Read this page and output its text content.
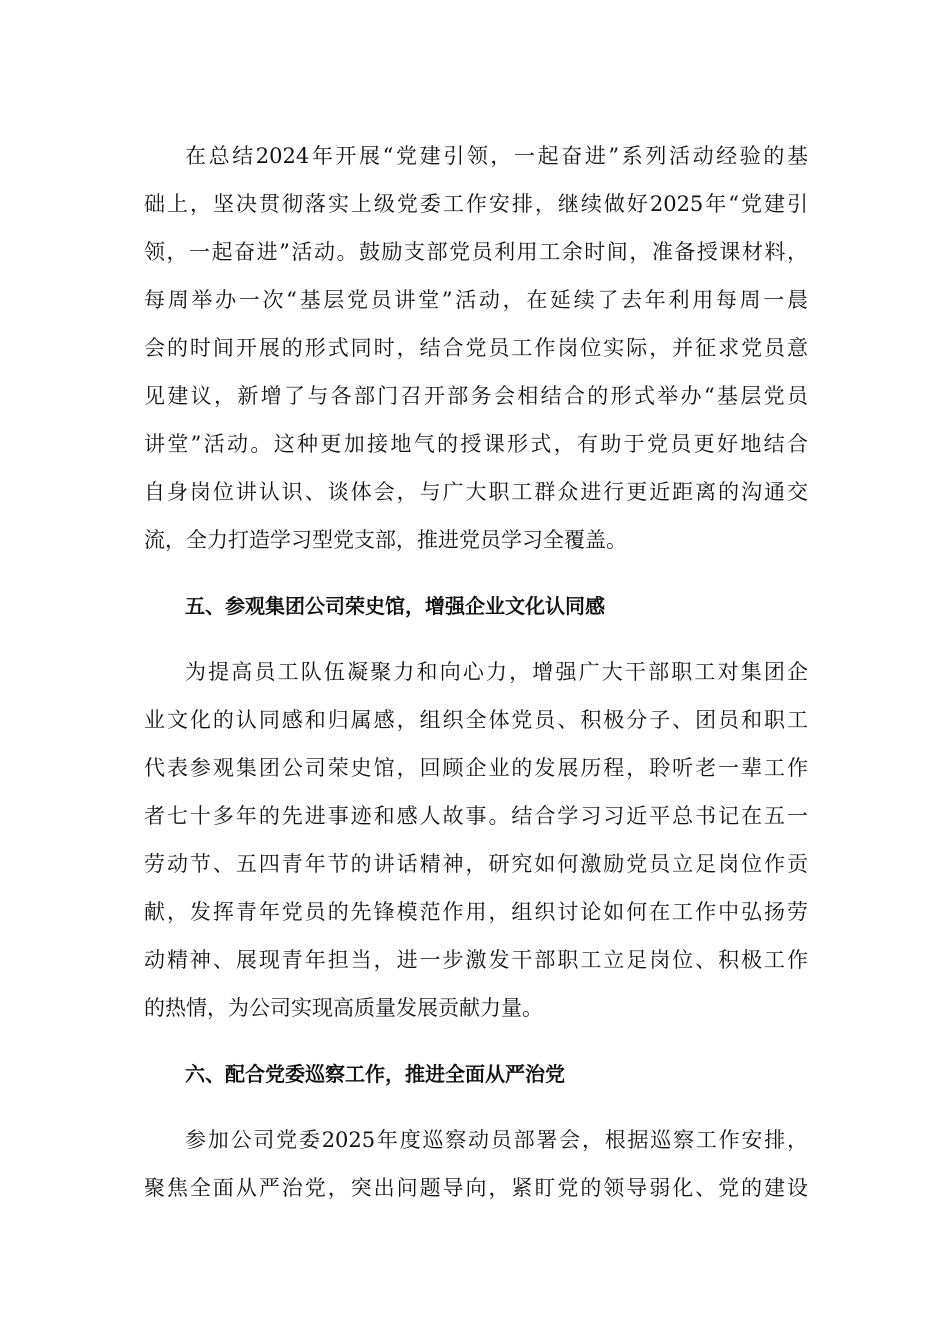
在总结2024年开展“党建引领，一起奋进”系列活动经验的基
础上，坚决贯彻落实上级党委工作安排，继续做好2025年“党建引
领，一起奋进”活动。鼓励支部党员利用工余时间，准备授课材料，
每周举办一次“基层党员讲堂”活动，在延续了去年利用每周一晨
会的时间开展的形式同时，结合党员工作岗位实际，并征求党员意
见建议，新增了与各部门召开部务会相结合的形式举办“基层党员
讲堂”活动。这种更加接地气的授课形式，有助于党员更好地结合
自身岗位讲认识、谈体会，与广大职工群众进行更近距离的沟通交
流，全力打造学习型党支部，推进党员学习全覆盖。
五、参观集团公司荣史馆，增强企业文化认同感
为提高员工队伍凝聚力和向心力，增强广大干部职工对集团企
业文化的认同感和归属感，组织全体党员、积极分子、团员和职工
代表参观集团公司荣史馆，回顾企业的发展历程，聆听老一辈工作
者七十多年的先进事迹和感人故事。结合学习习近平总书记在五一
劳动节、五四青年节的讲话精神，研究如何激励党员立足岗位作贡
献，发挥青年党员的先锋模范作用，组织讨论如何在工作中弘扬劳
动精神、展现青年担当，进一步激发干部职工立足岗位、积极工作
的热情，为公司实现高质量发展贡献力量。
六、配合党委巡察工作，推进全面从严治党
参加公司党委2025年度巡察动员部署会，根据巡察工作安排，
聚焦全面从严治党，突出问题导向，紧盯党的领导弱化、党的建设
